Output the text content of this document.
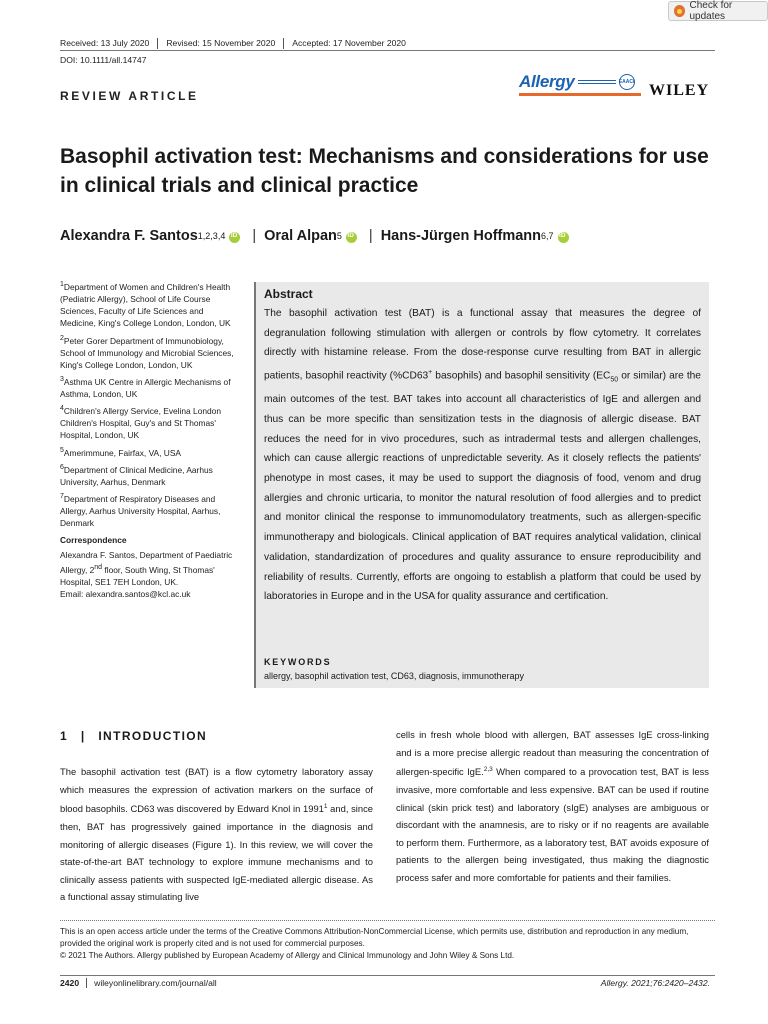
Check for updates
Received: 13 July 2020	Revised: 15 November 2020	Accepted: 17 November 2020
DOI: 10.1111/all.14747
REVIEW ARTICLE
Allergy	EAACI WILEY
Basophil activation test: Mechanisms and considerations for use in clinical trials and clinical practice
Alexandra F. Santos 1,2,3,4 iD | Oral Alpan 5 iD | Hans-Jürgen Hoffmann 6,7
iD

$^1$Department of Women and Children's Health (Pediatric Allergy), School of Life Course Sciences, Faculty of Life Sciences and Medicine, King's College London, London, UK

$^2$Peter Gorer Department of Immunobiology, School of Immunology and Microbial Sciences, King's College London, London, UK

$^3$Asthma UK Centre in Allergic Mechanisms of Asthma, London, UK

$^4$Children's Allergy Service, Evelina London Children's Hospital, Guy's and St Thomas' Hospital, London, UK

$^5$Amerimmune, Fairfax, VA, USA

$^6$Department of Clinical Medicine, Aarhus University, Aarhus, Denmark

$^7$Department of Respiratory Diseases and Allergy, Aarhus University Hospital, Aarhus, Denmark

Correspondence

Alexandra F. Santos, Department of Paediatric Allergy, 2nd floor, South Wing, St Thomas' Hospital, SE1 7EH London, UK.

Email: alexandra.santos@kcl.ac.uk

Abstract

The basophil activation test (BAT) is a functional assay that measures the degree of degranulation following stimulation with allergen or controls by flow cytometry. It correlates directly with histamine release. From the dose-response curve resulting from BAT in allergic patients, basophil reactivity (%CD63+ basophils) and basophil sensitivity ($EC_{50}$ or similar) are the main outcomes of the test. BAT takes into account all characteristics of IgE and allergen and thus can be more specific than sensitization tests in the diagnosis of allergic disease. BAT reduces the need for in vivo procedures, such as intradermal tests and allergen challenges, which can cause allergic reactions of unpredictable severity. As it closely reflects the patients' phenotype in most cases, it may be used to support the diagnosis of food, venom and drug allergies and chronic urticaria, to monitor the natural resolution of food allergies and to predict and monitor clinical the response to immunomodulatory treatments, such as allergen-specific immunotherapy and biologicals. Clinical application of BAT requires analytical validation, clinical validation, standardization of procedures and quality assurance to ensure reproducibility and reliability of results. Currently, efforts are ongoing to establish a platform that could be used by laboratories in Europe and in the USA for quality assurance and certification.

KEYWORDS
allergy, basophil activation test, CD63, diagnosis, immunotherapy
1 | INTRODUCTION

The basophil activation test (BAT) is a flow cytometry laboratory assay which measures the expression of activation markers on the surface of blood basophils. CD63 was discovered by Edward Knol in 1991$^1$ and, since then, BAT has progressively gained importance in the diagnosis and monitoring of allergic diseases (Figure 1). In this review, we will cover the state-of-the-art BAT technology to explore immune mechanisms and to clinically assess patients with suspected IgE-mediated allergic disease. As a functional assay stimulating live

cells in fresh whole blood with allergen, BAT assesses IgE cross-linking and is a more precise allergic readout than measuring the concentration of allergen-specific IgE.$^{2,3}$ When compared to a provocation test, BAT is less invasive, more comfortable and less expensive. BAT can be used if routine clinical (skin prick test) and laboratory (sIgE) analyses are ambiguous or discordant with the anamnesis, are to risky or if no reagents are available to perform them. Furthermore, as a laboratory test, BAT avoids exposure of patients to the allergen being investigated, thus making the diagnostic process safer and more comfortable for patients and their families.

This is an open access article under the terms of the Creative Commons Attribution-NonCommercial License, which permits use, distribution and reproduction in any medium, provided the original work is properly cited and is not used for commercial purposes.
© 2021 The Authors. Allergy published by European Academy of Allergy and Clinical Immunology and John Wiley & Sons Ltd.
2420	wileyonlinelibrary.com/journal/all	Allergy. 2021;76:2420–2432.
